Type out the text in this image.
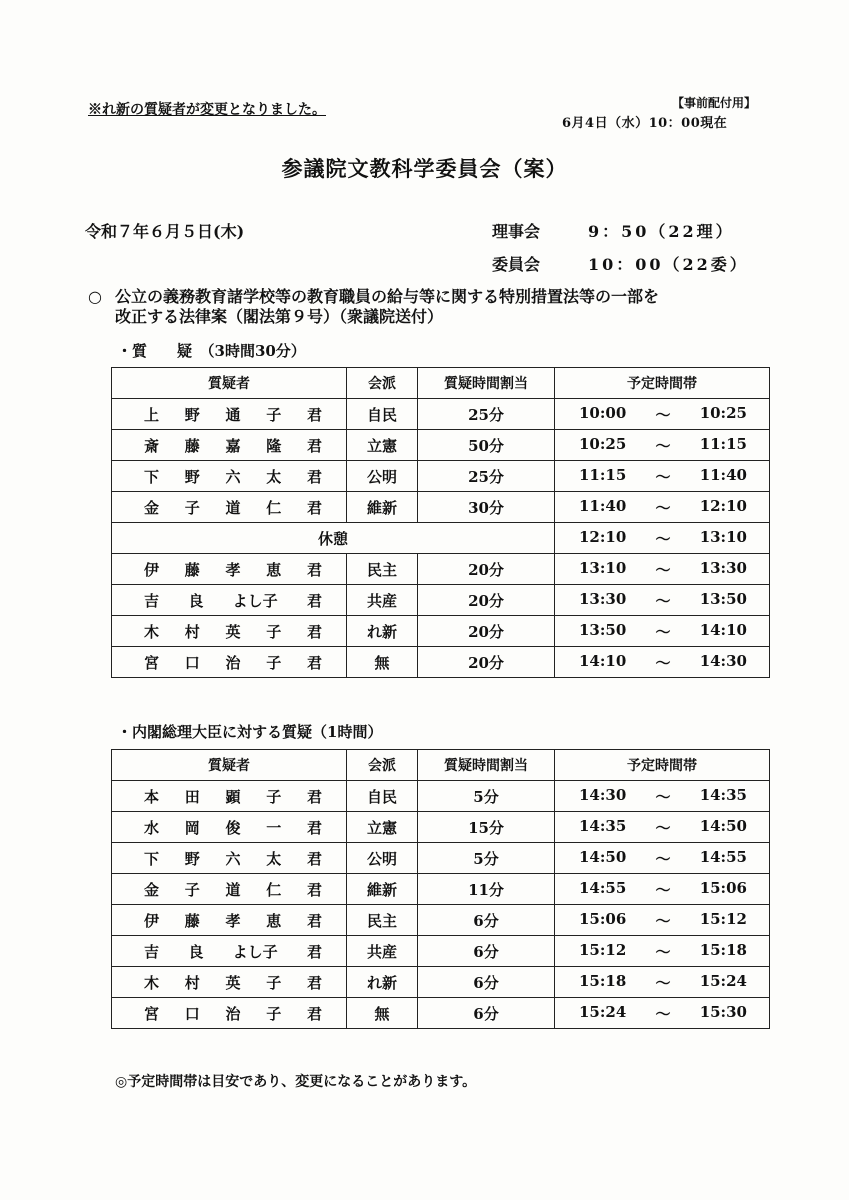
※れ新の質疑者が変更となりました。	【事前配付用】
6月4日（水）10：00現在
参議院文教科学委員会（案）
令和７年６月５日(木)	理事会	9：50（22理）
委員会	10：00（22委）
○ 公立の義務教育諸学校等の教育職員の給与等に関する特別措置法等の一部を
改正する法律案（閣法第９号）（衆議院送付）
・質　　疑　（3時間30分）
質疑者	会派	質疑時間割当	予定時間帯

上 野 通 子 君	自民	25分	10:00 ～ 10:25

斎 藤 嘉 隆 君	立憲	50分	10:25 ～ 11:15

下 野 六 太 君	公明	25分	11:15 ～ 11:40

金 子 道 仁 君	維新	30分	11:40 ～ 12:10

休憩			12:10 ～ 13:10

伊 藤 孝 恵 君	民主	20分	13:10 ～ 13:30

吉 良 よし子 君	共産	20分	13:30 ～ 13:50

木 村 英 子 君	れ新	20分	13:50 ～ 14:10

宮 口 治 子 君	無	20分	14:10 ～ 14:30
・内閣総理大臣に対する質疑（1時間）
質疑者	会派	質疑時間割当	予定時間帯

本 田 顕 子 君	自民	5分	14:30 ～ 14:35

水 岡 俊 一 君	立憲	15分	14:35 ～ 14:50

下 野 六 太 君	公明	5分	14:50 ～ 14:55

金 子 道 仁 君	維新	11分	14:55 ～ 15:06

伊 藤 孝 恵 君	民主	6分	15:06 ～ 15:12

吉 良 よし子 君	共産	6分	15:12 ～ 15:18

木 村 英 子 君	れ新	6分	15:18 ～ 15:24

宮 口 治 子 君	無	6分	15:24 ～ 15:30
◎予定時間帯は目安であり、変更になることがあります。
